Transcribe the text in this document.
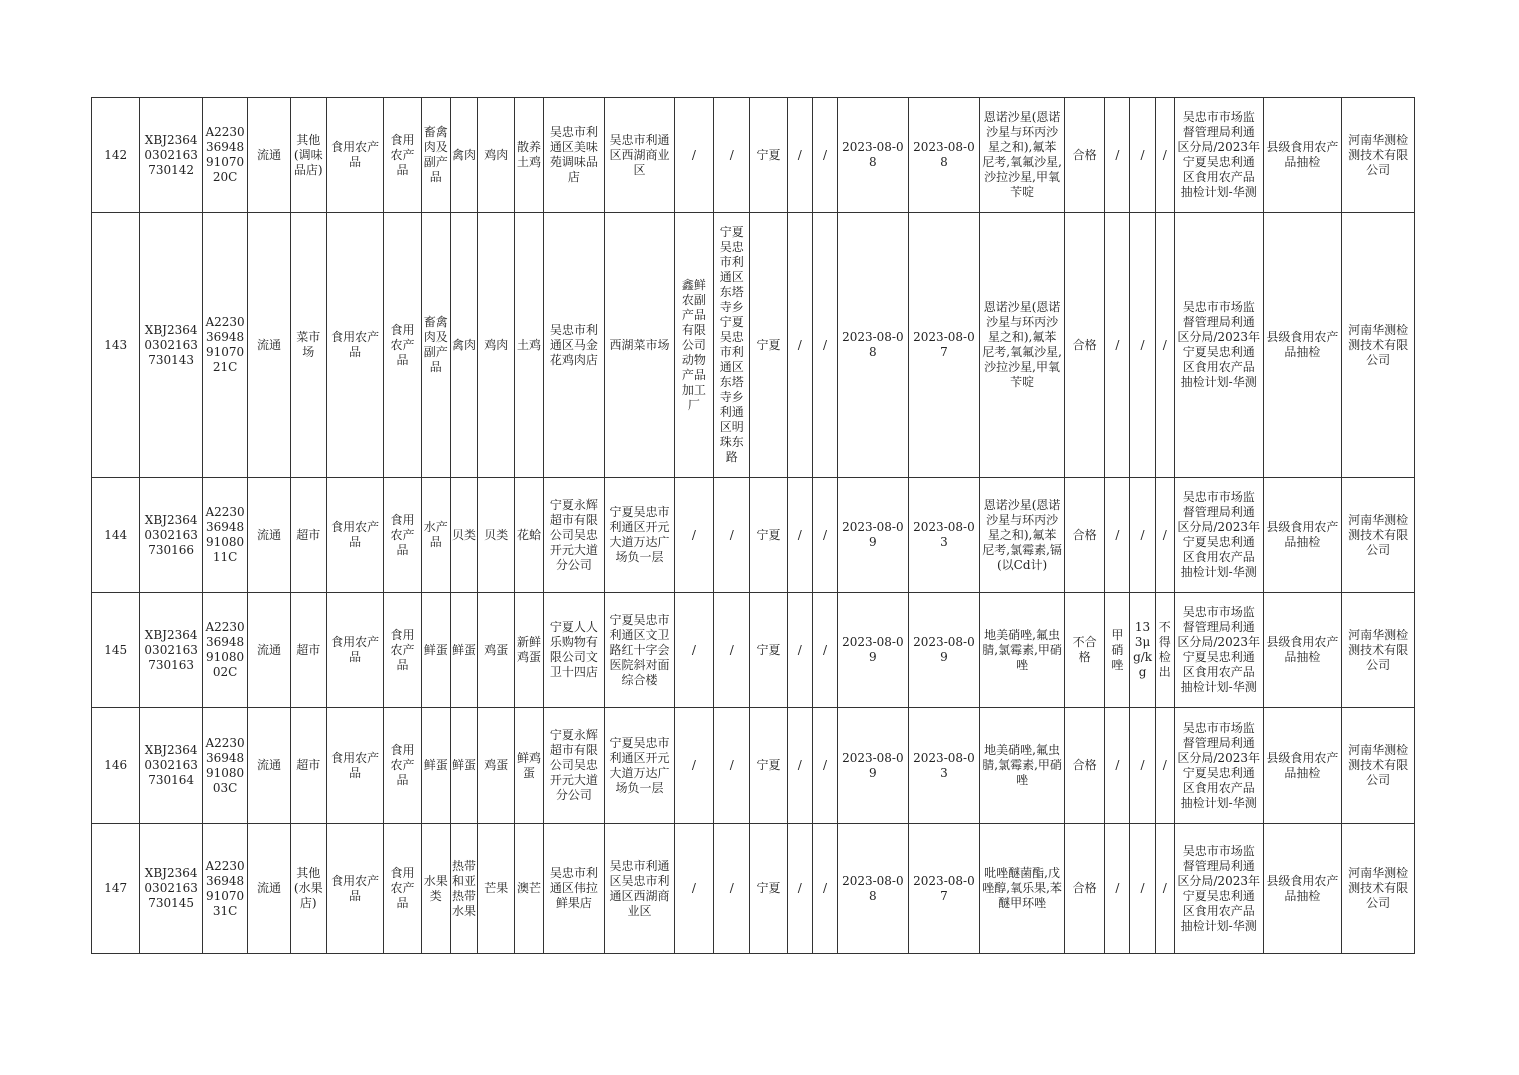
142	XBJ23640302163730142	A2230369489107020C	流通	其他(调味品店)	食用农产品	食用农产品	畜禽肉及副产品	禽肉	鸡肉	散养土鸡	吴忠市利通区美味苑调味品店	吴忠市利通区西湖商业区	/	/	宁夏	/	/	2023-08-08	2023-08-08	恩诺沙星(恩诺沙星与环丙沙星之和),氟苯尼考,氧氟沙星,沙拉沙星,甲氧苄啶	合格	/	/	/	吴忠市市场监督管理局利通区分局/2023年宁夏吴忠利通区食用农产品抽检计划-华测	县级食用农产品抽检	河南华测检测技术有限公司
143	XBJ23640302163730143	A2230369489107021C	流通	菜市场	食用农产品	食用农产品	畜禽肉及副产品	禽肉	鸡肉	土鸡	吴忠市利通区马金花鸡肉店	西湖菜市场	鑫鲜农副产品有限公司动物产品加工厂	宁夏吴忠市利通区东塔寺乡宁夏吴忠市利通区东塔寺乡利通区明珠东路	宁夏	/	/	2023-08-08	2023-08-07	恩诺沙星(恩诺沙星与环丙沙星之和),氟苯尼考,氧氟沙星,沙拉沙星,甲氧苄啶	合格	/	/	/	吴忠市市场监督管理局利通区分局/2023年宁夏吴忠利通区食用农产品抽检计划-华测	县级食用农产品抽检	河南华测检测技术有限公司
144	XBJ23640302163730166	A2230369489108011C	流通	超市	食用农产品	食用农产品	水产品	贝类	贝类	花蛤	宁夏永辉超市有限公司吴忠开元大道分公司	宁夏吴忠市利通区开元大道万达广场负一层	/	/	宁夏	/	/	2023-08-09	2023-08-03	恩诺沙星(恩诺沙星与环丙沙星之和),氟苯尼考,氯霉素,镉(以Cd计)	合格	/	/	/	吴忠市市场监督管理局利通区分局/2023年宁夏吴忠利通区食用农产品抽检计划-华测	县级食用农产品抽检	河南华测检测技术有限公司
145	XBJ23640302163730163	A2230369489108002C	流通	超市	食用农产品	食用农产品	鲜蛋	鲜蛋	鸡蛋	新鲜鸡蛋	宁夏人人乐购物有限公司文卫十四店	宁夏吴忠市利通区文卫路红十字会医院斜对面综合楼	/	/	宁夏	/	/	2023-08-09	2023-08-09	地美硝唑,氟虫腈,氯霉素,甲硝唑	不合格	甲硝唑	133μg/kg	不得检出	吴忠市市场监督管理局利通区分局/2023年宁夏吴忠利通区食用农产品抽检计划-华测	县级食用农产品抽检	河南华测检测技术有限公司
146	XBJ23640302163730164	A2230369489108003C	流通	超市	食用农产品	食用农产品	鲜蛋	鲜蛋	鸡蛋	鲜鸡蛋	宁夏永辉超市有限公司吴忠开元大道分公司	宁夏吴忠市利通区开元大道万达广场负一层	/	/	宁夏	/	/	2023-08-09	2023-08-03	地美硝唑,氟虫腈,氯霉素,甲硝唑	合格	/	/	/	吴忠市市场监督管理局利通区分局/2023年宁夏吴忠利通区食用农产品抽检计划-华测	县级食用农产品抽检	河南华测检测技术有限公司
147	XBJ23640302163730145	A2230369489107031C	流通	其他(水果店)	食用农产品	食用农产品	水果类	热带和亚热带水果	芒果	澳芒	吴忠市利通区伟拉鲜果店	吴忠市利通区吴忠市利通区西湖商业区	/	/	宁夏	/	/	2023-08-08	2023-08-07	吡唑醚菌酯,戊唑醇,氧乐果,苯醚甲环唑	合格	/	/	/	吴忠市市场监督管理局利通区分局/2023年宁夏吴忠利通区食用农产品抽检计划-华测	县级食用农产品抽检	河南华测检测技术有限公司
